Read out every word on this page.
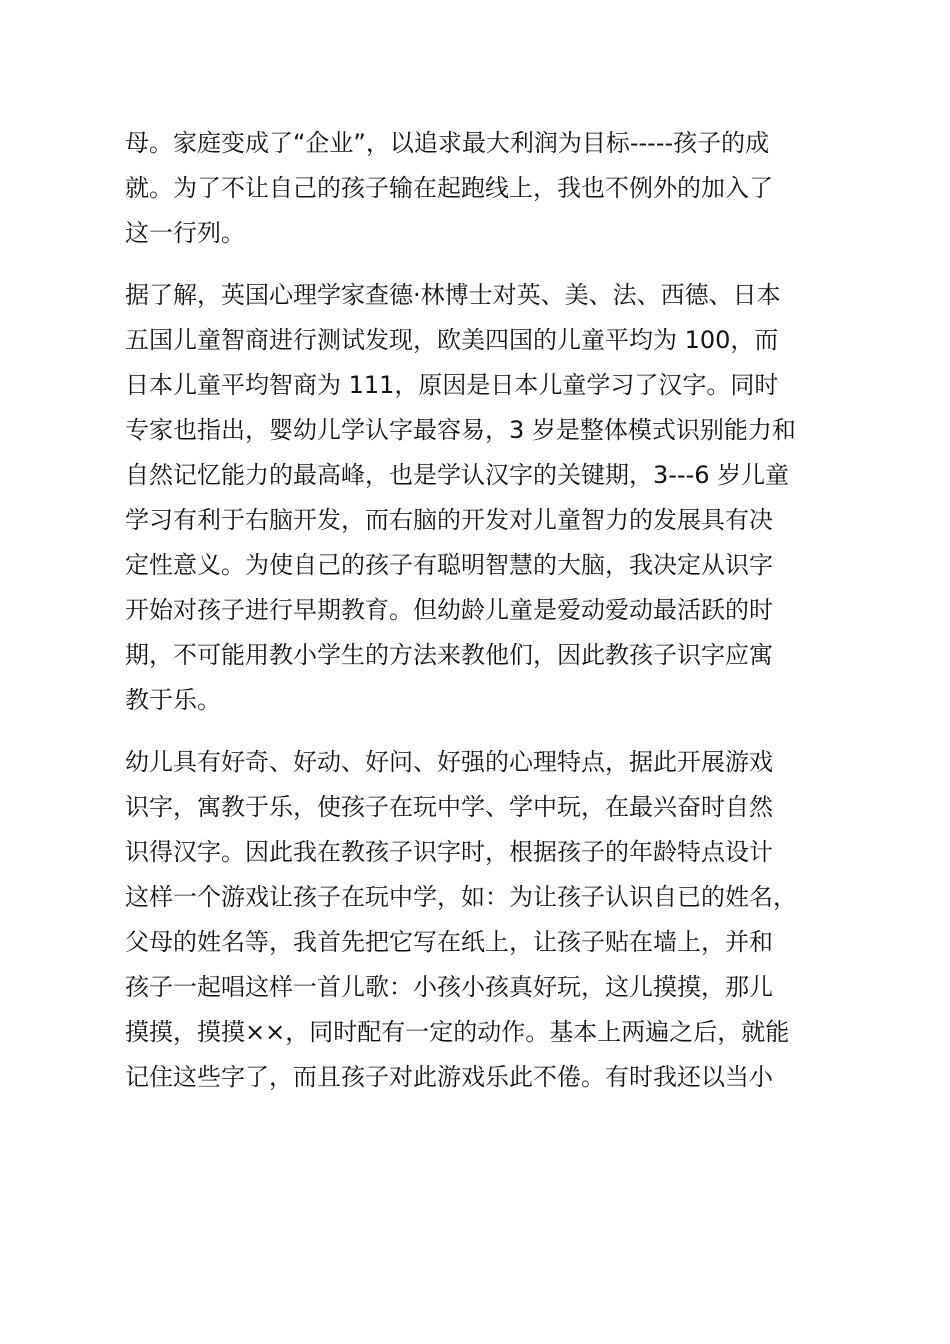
母。家庭变成了“企业”，以追求最大利润为目标-----孩子的成
就。为了不让自己的孩子输在起跑线上，我也不例外的加入了
这一行列。
据了解，英国心理学家查德·林博士对英、美、法、西德、日本
五国儿童智商进行测试发现，欧美四国的儿童平均为 100，而
日本儿童平均智商为 111，原因是日本儿童学习了汉字。同时
专家也指出，婴幼儿学认字最容易，3 岁是整体模式识别能力和
自然记忆能力的最高峰，也是学认汉字的关键期，3---6 岁儿童
学习有利于右脑开发，而右脑的开发对儿童智力的发展具有决
定性意义。为使自己的孩子有聪明智慧的大脑，我决定从识字
开始对孩子进行早期教育。但幼龄儿童是爱动爱动最活跃的时
期，不可能用教小学生的方法来教他们，因此教孩子识字应寓
教于乐。
幼儿具有好奇、好动、好问、好强的心理特点，据此开展游戏
识字，寓教于乐，使孩子在玩中学、学中玩，在最兴奋时自然
识得汉字。因此我在教孩子识字时，根据孩子的年龄特点设计
这样一个游戏让孩子在玩中学，如：为让孩子认识自已的姓名，
父母的姓名等，我首先把它写在纸上，让孩子贴在墙上，并和
孩子一起唱这样一首儿歌：小孩小孩真好玩，这儿摸摸，那儿
摸摸，摸摸××，同时配有一定的动作。基本上两遍之后，就能
记住这些字了，而且孩子对此游戏乐此不倦。有时我还以当小
